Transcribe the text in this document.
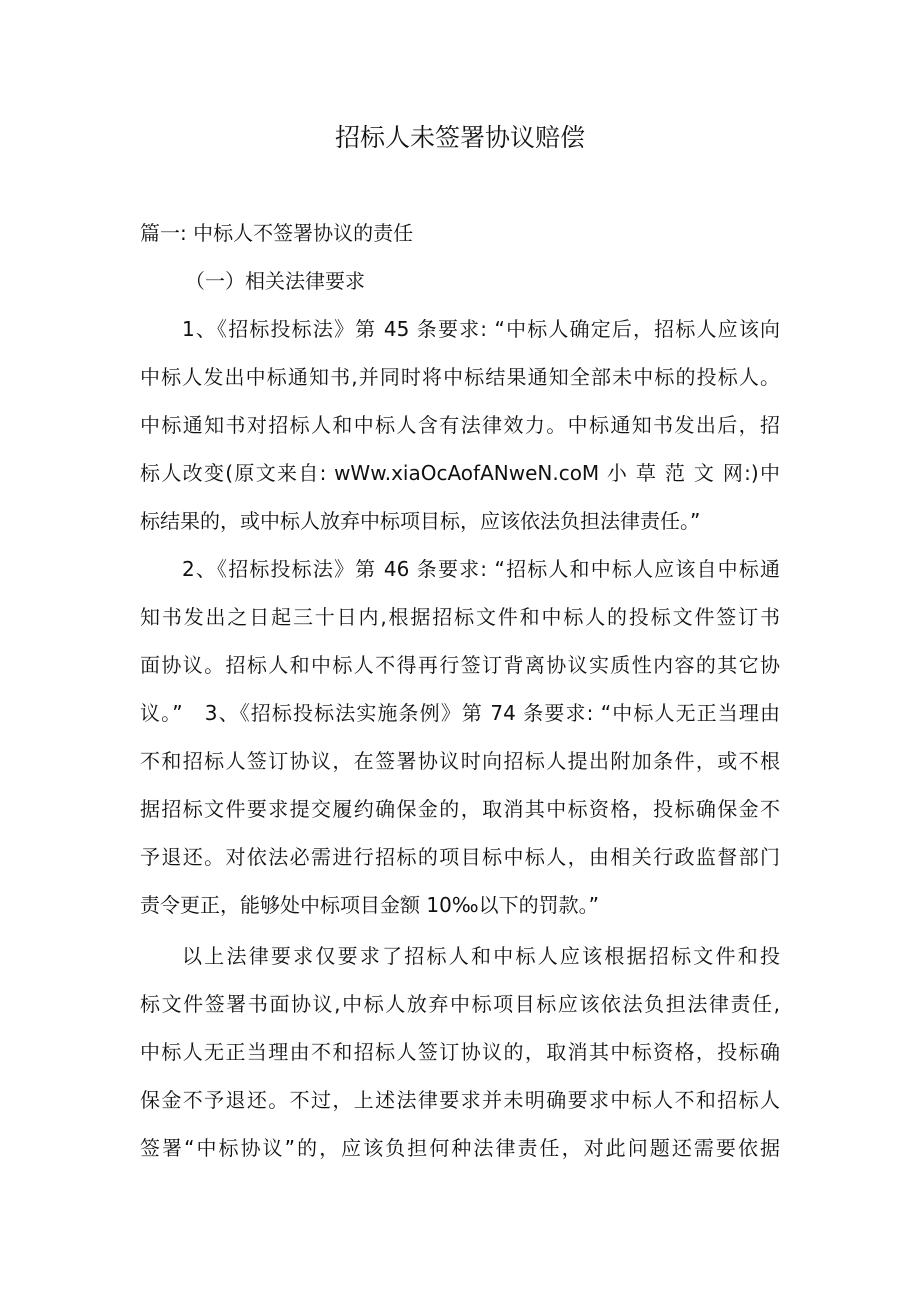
招标人未签署协议赔偿

篇一: 中标人不签署协议的责任

（一）相关法律要求

1、《招标投标法》第 45 条要求: “中标人确定后，招标人应该向

中标人发出中标通知书,并同时将中标结果通知全部未中标的投标人。

中标通知书对招标人和中标人含有法律效力。中标通知书发出后，招

标人改变(原文来自: wWw.xiaOcAofANweN.coM 小 草 范 文 网:)中

标结果的，或中标人放弃中标项目标，应该依法负担法律责任。”

2、《招标投标法》第 46 条要求: “招标人和中标人应该自中标通

知书发出之日起三十日内,根据招标文件和中标人的投标文件签订书

面协议。招标人和中标人不得再行签订背离协议实质性内容的其它协

议。”　3、《招标投标法实施条例》第 74 条要求: “中标人无正当理由

不和招标人签订协议，在签署协议时向招标人提出附加条件，或不根

据招标文件要求提交履约确保金的，取消其中标资格，投标确保金不

予退还。对依法必需进行招标的项目标中标人，由相关行政监督部门

责令更正，能够处中标项目金额 10‰以下的罚款。”

以上法律要求仅要求了招标人和中标人应该根据招标文件和投

标文件签署书面协议,中标人放弃中标项目标应该依法负担法律责任,

中标人无正当理由不和招标人签订协议的，取消其中标资格，投标确

保金不予退还。不过，上述法律要求并未明确要求中标人不和招标人

签署“中标协议”的，应该负担何种法律责任，对此问题还需要依据
